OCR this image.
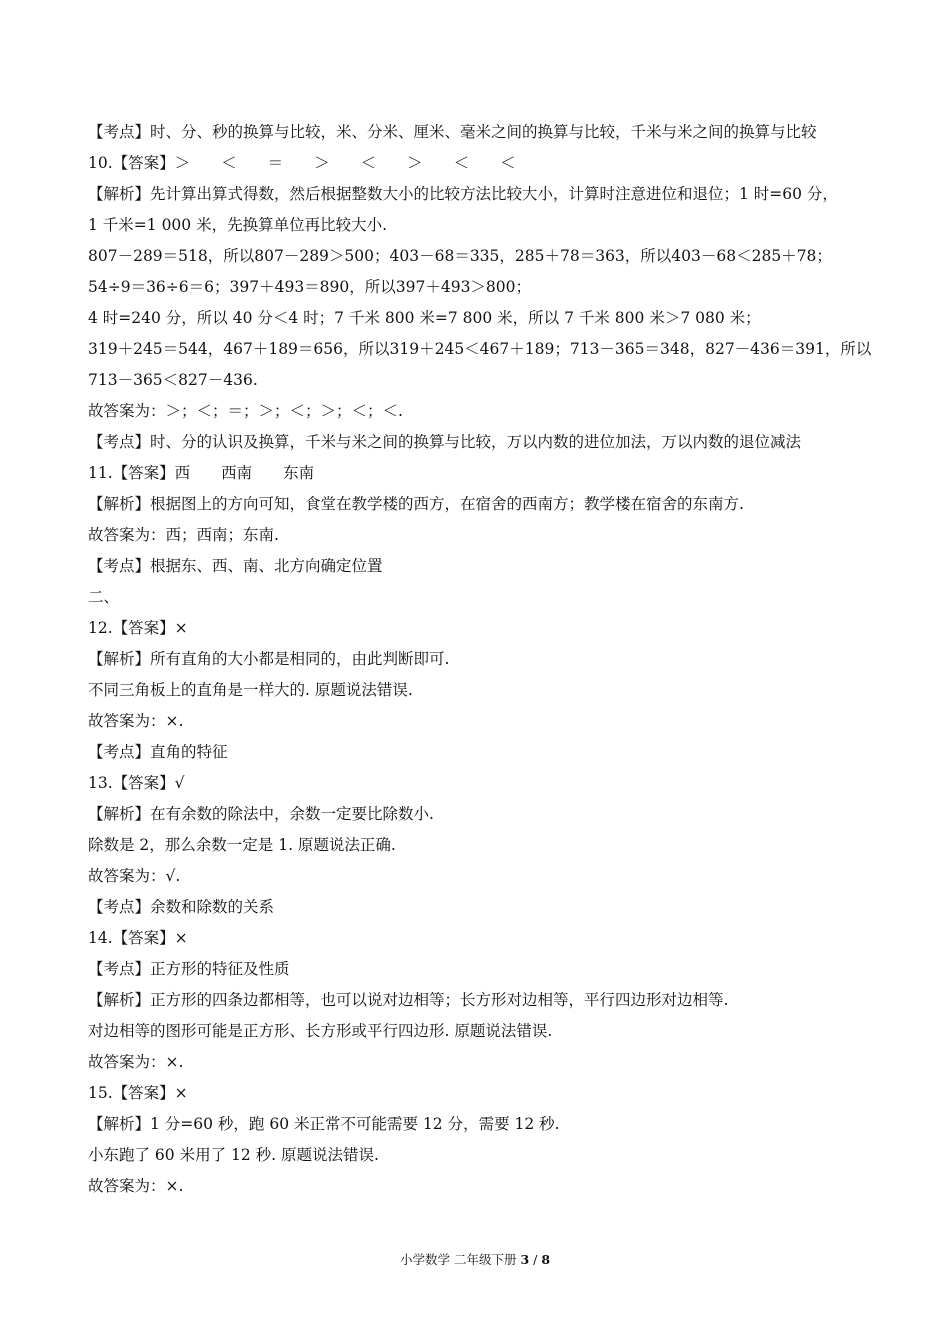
【考点】时、分、秒的换算与比较，米、分米、厘米、毫米之间的换算与比较，千米与米之间的换算与比较
10.【答案】＞　　＜　　＝　　＞　　＜　　＞　　＜　　＜
【解析】先计算出算式得数，然后根据整数大小的比较方法比较大小，计算时注意进位和退位；1 时=60 分，
1 千米=1 000 米，先换算单位再比较大小.
807－289＝518，所以807－289＞500；403－68＝335，285＋78＝363，所以403－68＜285＋78；
54÷9＝36÷6＝6；397＋493＝890，所以397＋493＞800；
4 时=240 分，所以 40 分＜4 时；7 千米 800 米=7 800 米，所以 7 千米 800 米＞7 080 米；
319＋245＝544，467＋189＝656，所以319＋245＜467＋189；713－365＝348，827－436＝391，所以
713－365＜827－436.
故答案为：＞；＜；＝；＞；＜；＞；＜；＜.
【考点】时、分的认识及换算，千米与米之间的换算与比较，万以内数的进位加法，万以内数的退位减法
11.【答案】西　　西南　　东南
【解析】根据图上的方向可知，食堂在教学楼的西方，在宿舍的西南方；教学楼在宿舍的东南方.
故答案为：西；西南；东南.
【考点】根据东、西、南、北方向确定位置
二、
12.【答案】×
【解析】所有直角的大小都是相同的，由此判断即可.
不同三角板上的直角是一样大的. 原题说法错误.
故答案为：×.
【考点】直角的特征
13.【答案】√
【解析】在有余数的除法中，余数一定要比除数小.
除数是 2，那么余数一定是 1. 原题说法正确.
故答案为：√.
【考点】余数和除数的关系
14.【答案】×
【考点】正方形的特征及性质
【解析】正方形的四条边都相等，也可以说对边相等；长方形对边相等，平行四边形对边相等.
对边相等的图形可能是正方形、长方形或平行四边形. 原题说法错误.
故答案为：×.
15.【答案】×
【解析】1 分=60 秒，跑 60 米正常不可能需要 12 分，需要 12 秒.
小东跑了 60 米用了 12 秒. 原题说法错误.
故答案为：×.
小学数学 二年级下册 3 / 8
